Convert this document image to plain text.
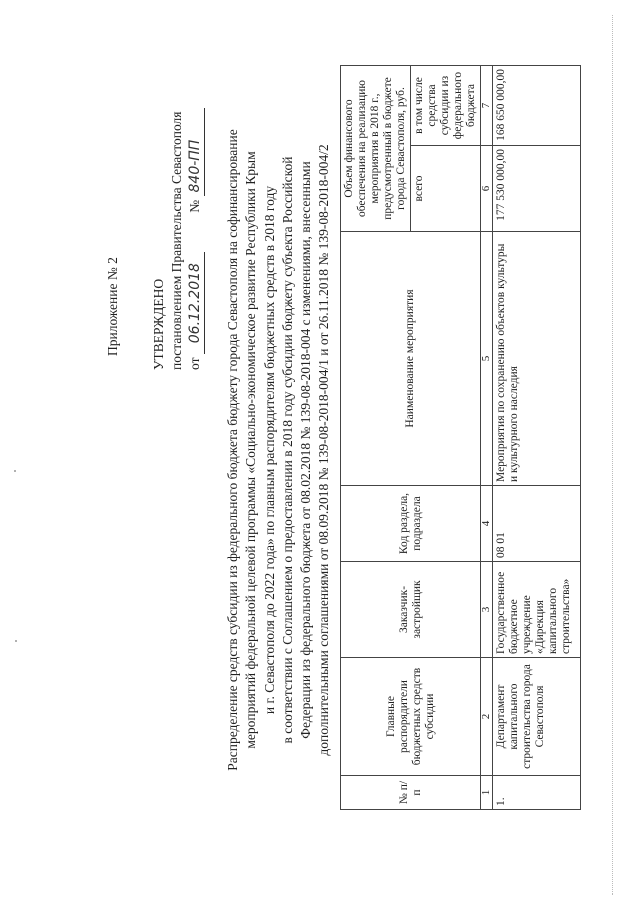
Приложение № 2 УТВЕРЖДЕНО постановлением Правительства Севастополя от 06.12.2018 № 840-ПП Распределение средств субсидии из федерального бюджета бюджету города Севастополя на софинансирование мероприятий федеральной целевой программы «Социально-экономическое развитие Республики Крым и г. Севастополя до 2022 года» по главным распорядителям бюджетных средств в 2018 году в соответствии с Соглашением о предоставлении в 2018 году субсидии бюджету субъекта Российской Федерации из федерального бюджета от 08.02.2018 № 139-08-2018-004 с изменениями, внесенными дополнительными соглашениями от 08.09.2018 № 139-08-2018-004/1 и от 26.11.2018 № 139-08-2018-004/2
№ п/п	Главные распорядители бюджетных средств субсидии	Заказчик-застройщик	Код раздела, подраздела	Наименование мероприятия	Объем финансового обеспечения на реализацию мероприятия в 2018 г., предусмотренный в бюджете города Севастополя, руб.	
					всего	в том числе средства субсидии из федерального бюджета
1	2	3	4	5	6	7
1.	Департамент капитального строительства города Севастополя	Государственное бюджетное учреждение «Дирекция капитального строительства»	08 01	Мероприятия по сохранению объектов культуры и культурного наследия	177 530 000,00	168 650 000,00
